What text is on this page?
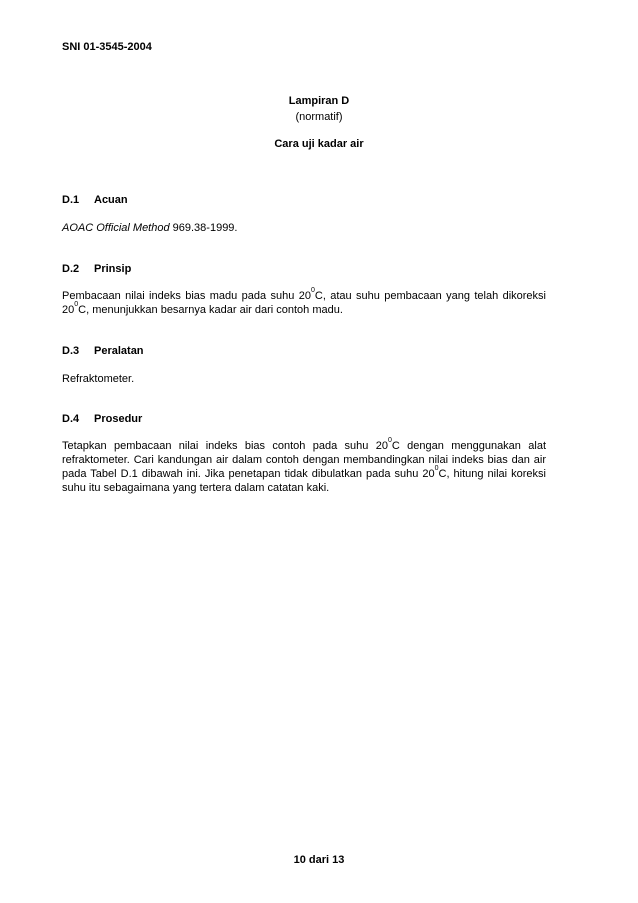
SNI 01-3545-2004
Lampiran D
(normatif)
Cara uji kadar air
D.1 Acuan
AOAC Official Method 969.38-1999.
D.2 Prinsip
Pembacaan nilai indeks bias madu pada suhu $20^0C$, atau suhu pembacaan yang telah dikoreksi $20^0C$, menunjukkan besarnya kadar air dari contoh madu.
D.3 Peralatan
Refraktometer.
D.4 Prosedur
Tetapkan pembacaan nilai indeks bias contoh pada suhu $20^0C$ dengan menggunakan alat refraktometer. Cari kandungan air dalam contoh dengan membandingkan nilai indeks bias dan air pada Tabel D.1 dibawah ini. Jika penetapan tidak dibulatkan pada suhu $20^0C$, hitung nilai koreksi suhu itu sebagaimana yang tertera dalam catatan kaki.
10 dari 13
